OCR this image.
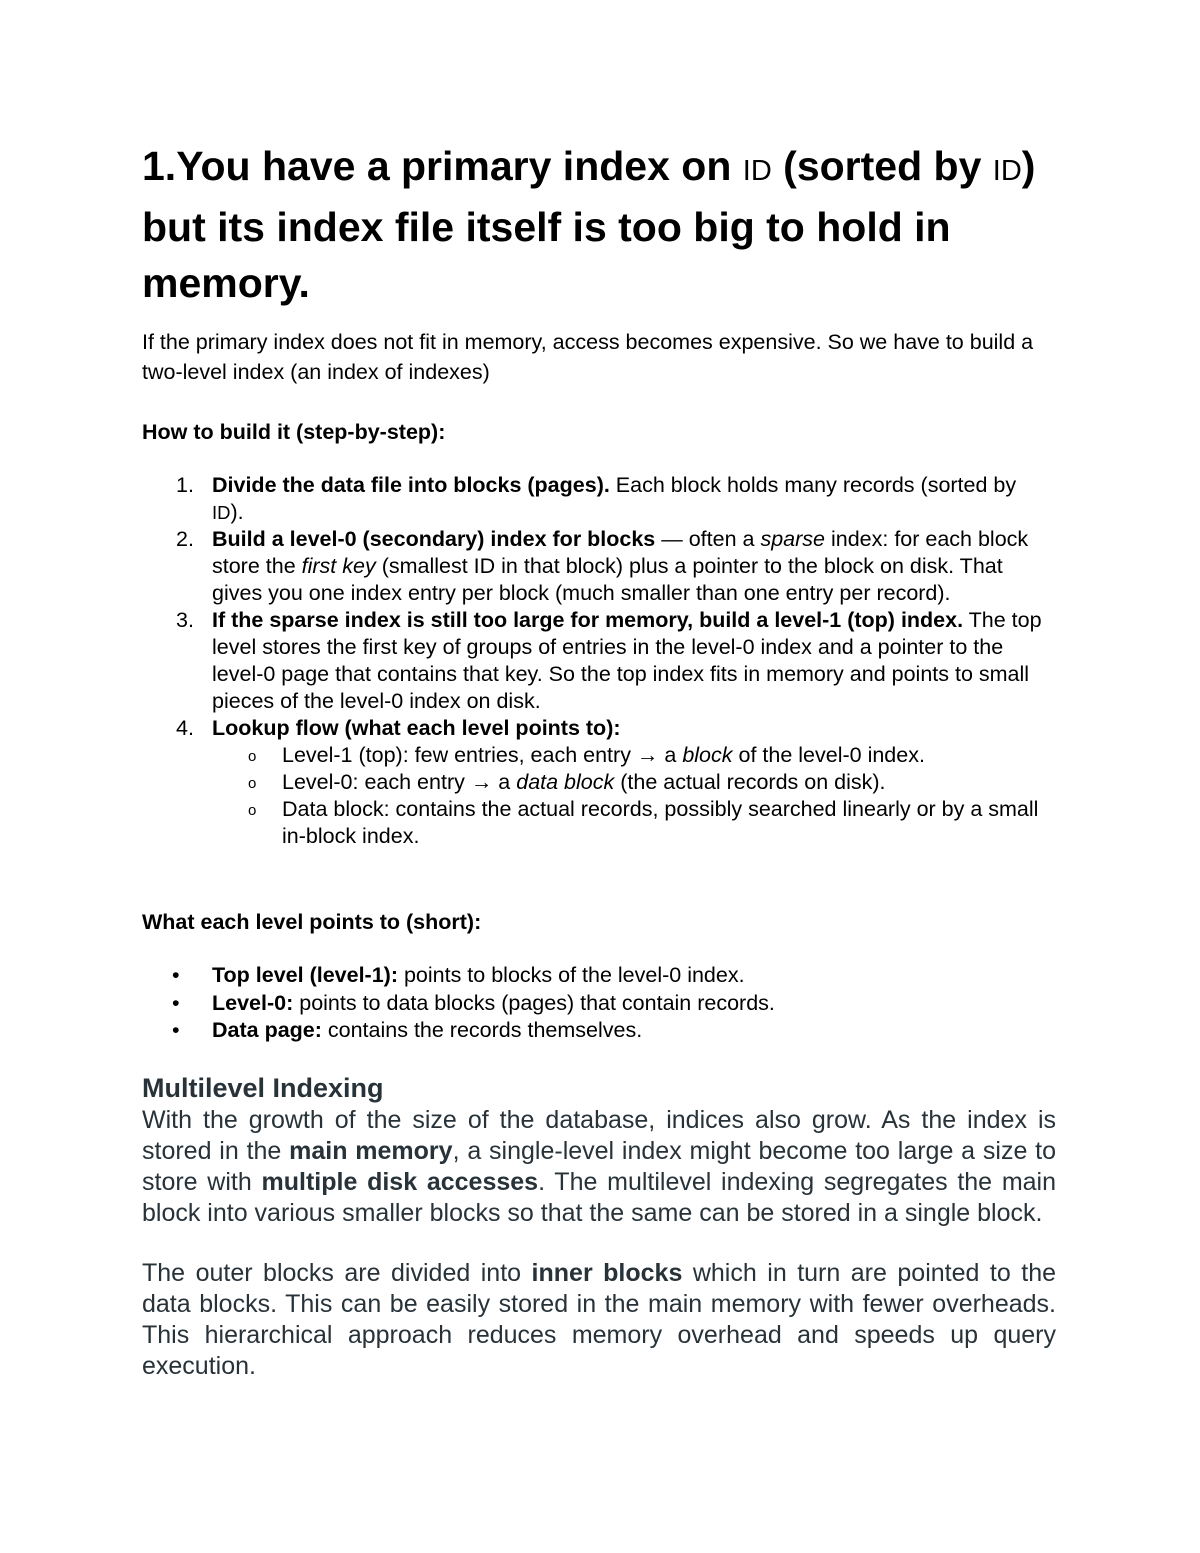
1.You have a primary index on ID (sorted by ID) but its index file itself is too big to hold in memory.

If the primary index does not fit in memory, access becomes expensive. So we have to build a two-level index (an index of indexes)

How to build it (step-by-step):

1. Divide the data file into blocks (pages). Each block holds many records (sorted by ID).
2. Build a level-0 (secondary) index for blocks — often a sparse index: for each block store the first key (smallest ID in that block) plus a pointer to the block on disk. That gives you one index entry per block (much smaller than one entry per record).
3. If the sparse index is still too large for memory, build a level-1 (top) index. The top level stores the first key of groups of entries in the level-0 index and a pointer to the level-0 page that contains that key. So the top index fits in memory and points to small pieces of the level-0 index on disk.
4. Lookup flow (what each level points to):
o Level-1 (top): few entries, each entry → a block of the level-0 index.
o Level-0: each entry → a data block (the actual records on disk).
o Data block: contains the actual records, possibly searched linearly or by a small in-block index.

What each level points to (short):

• Top level (level-1): points to blocks of the level-0 index.
• Level-0: points to data blocks (pages) that contain records.
• Data page: contains the records themselves.
Multilevel Indexing

With the growth of the size of the database, indices also grow. As the index is stored in the main memory, a single-level index might become too large a size to store with multiple disk accesses. The multilevel indexing segregates the main block into various smaller blocks so that the same can be stored in a single block.

The outer blocks are divided into inner blocks which in turn are pointed to the data blocks. This can be easily stored in the main memory with fewer overheads. This hierarchical approach reduces memory overhead and speeds up query execution.
